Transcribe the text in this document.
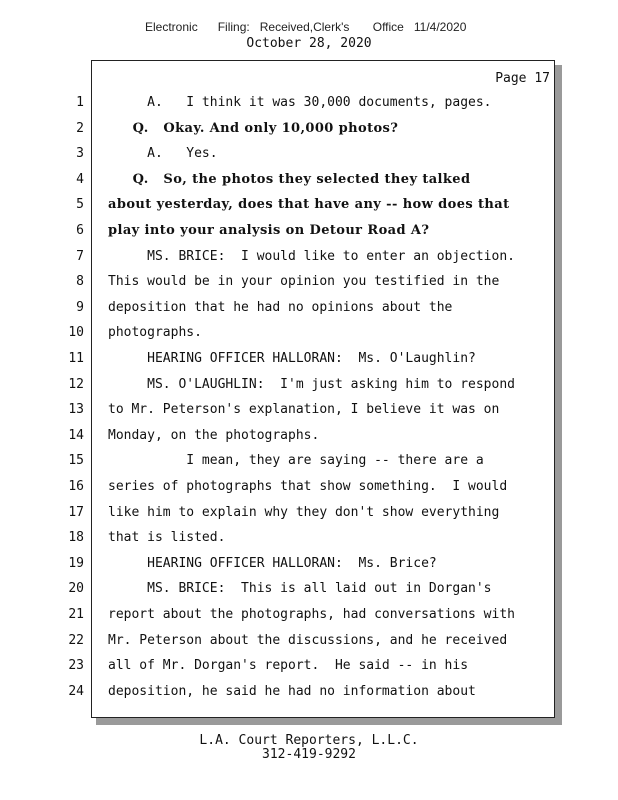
Electronic Filing: Received,Clerk's Office 11/4/2020
October 28, 2020
Page 17
1 A.   I think it was 30,000 documents, pages.
2 Q.   Okay. And only 10,000 photos?
3 A.   Yes.
4 Q.   So, the photos they selected they talked
5 about yesterday, does that have any -- how does that
6 play into your analysis on Detour Road A?
7 MS. BRICE:  I would like to enter an objection.
8 This would be in your opinion you testified in the
9 deposition that he had no opinions about the
10 photographs.
11 HEARING OFFICER HALLORAN:  Ms. O'Laughlin?
12 MS. O'LAUGHLIN:  I'm just asking him to respond
13 to Mr. Peterson's explanation, I believe it was on
14 Monday, on the photographs.
15 I mean, they are saying -- there are a
16 series of photographs that show something.  I would
17 like him to explain why they don't show everything
18 that is listed.
19 HEARING OFFICER HALLORAN:  Ms. Brice?
20 MS. BRICE:  This is all laid out in Dorgan's
21 report about the photographs, had conversations with
22 Mr. Peterson about the discussions, and he received
23 all of Mr. Dorgan's report.  He said -- in his
24 deposition, he said he had no information about
L.A. Court Reporters, L.L.C.
312-419-9292
